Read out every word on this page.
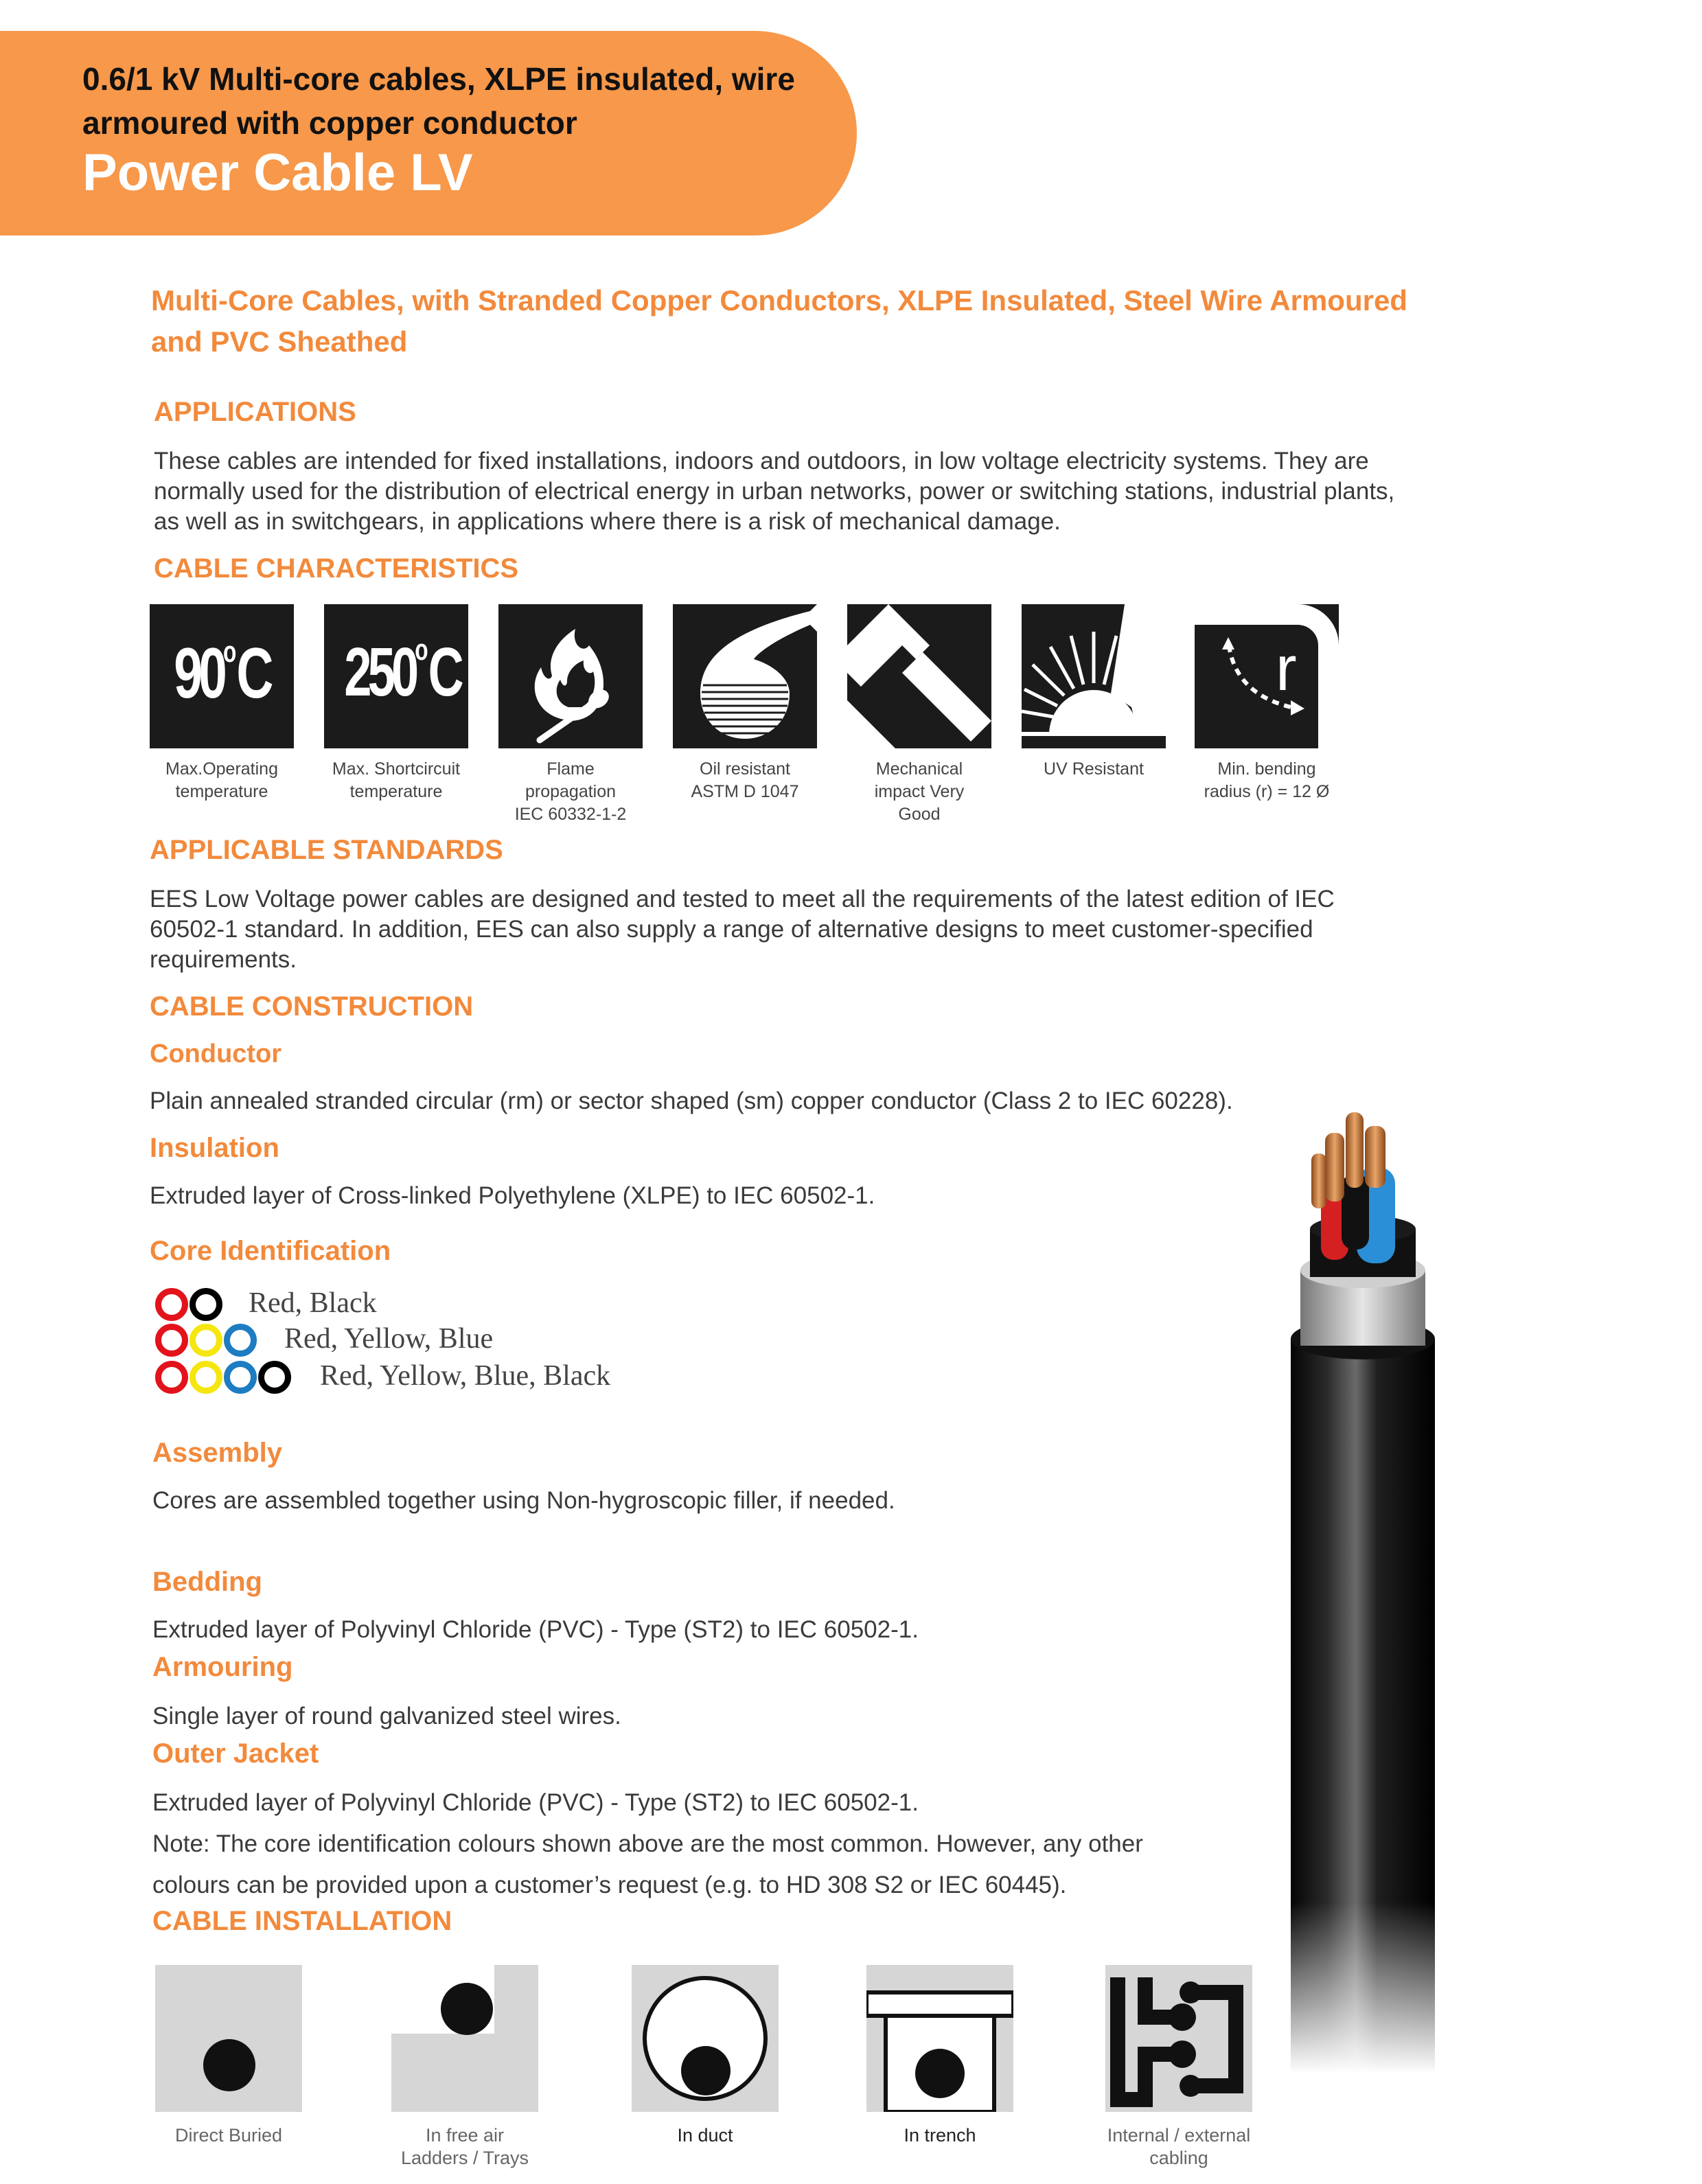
0.6/1 kV Multi-core cables, XLPE insulated, wire
armoured with copper conductor
Power Cable LV
Multi-Core Cables, with Stranded Copper Conductors, XLPE Insulated, Steel Wire Armoured and PVC Sheathed
APPLICATIONS
These cables are intended for fixed installations, indoors and outdoors, in low voltage electricity systems. They are
normally used for the distribution of electrical energy in urban networks, power or switching stations, industrial plants,
as well as in switchgears, in applications where there is a risk of mechanical damage.
CABLE CHARACTERISTICS
90$^o$C
Max.Operating
temperature
250$^o$C
Max. Shortcircuit
temperature
Flame
propagation
IEC 60332-1-2
Oil resistant
ASTM D 1047
Mechanical
impact Very
Good
UV Resistant
r
Min. bending
radius (r) = 12 Ø
APPLICABLE STANDARDS
EES Low Voltage power cables are designed and tested to meet all the requirements of the latest edition of IEC
60502-1 standard. In addition, EES can also supply a range of alternative designs to meet customer-specified
requirements.
CABLE CONSTRUCTION
Conductor
Plain annealed stranded circular (rm) or sector shaped (sm) copper conductor (Class 2 to IEC 60228).
Insulation
Extruded layer of Cross-linked Polyethylene (XLPE) to IEC 60502-1.
Core Identification
Red, Black
Red, Yellow, Blue
Red, Yellow, Blue, Black
Assembly
Cores are assembled together using Non-hygroscopic filler, if needed.
Bedding
Extruded layer of Polyvinyl Chloride (PVC) - Type (ST2) to IEC 60502-1.
Armouring
Single layer of round galvanized steel wires.
Outer Jacket
Extruded layer of Polyvinyl Chloride (PVC) - Type (ST2) to IEC 60502-1.
Note: The core identification colours shown above are the most common. However, any other
colours can be provided upon a customer’s request (e.g. to HD 308 S2 or IEC 60445).
CABLE INSTALLATION
Direct Buried	In free air
Ladders / Trays
In duct	In trench	Internal / external
cabling
